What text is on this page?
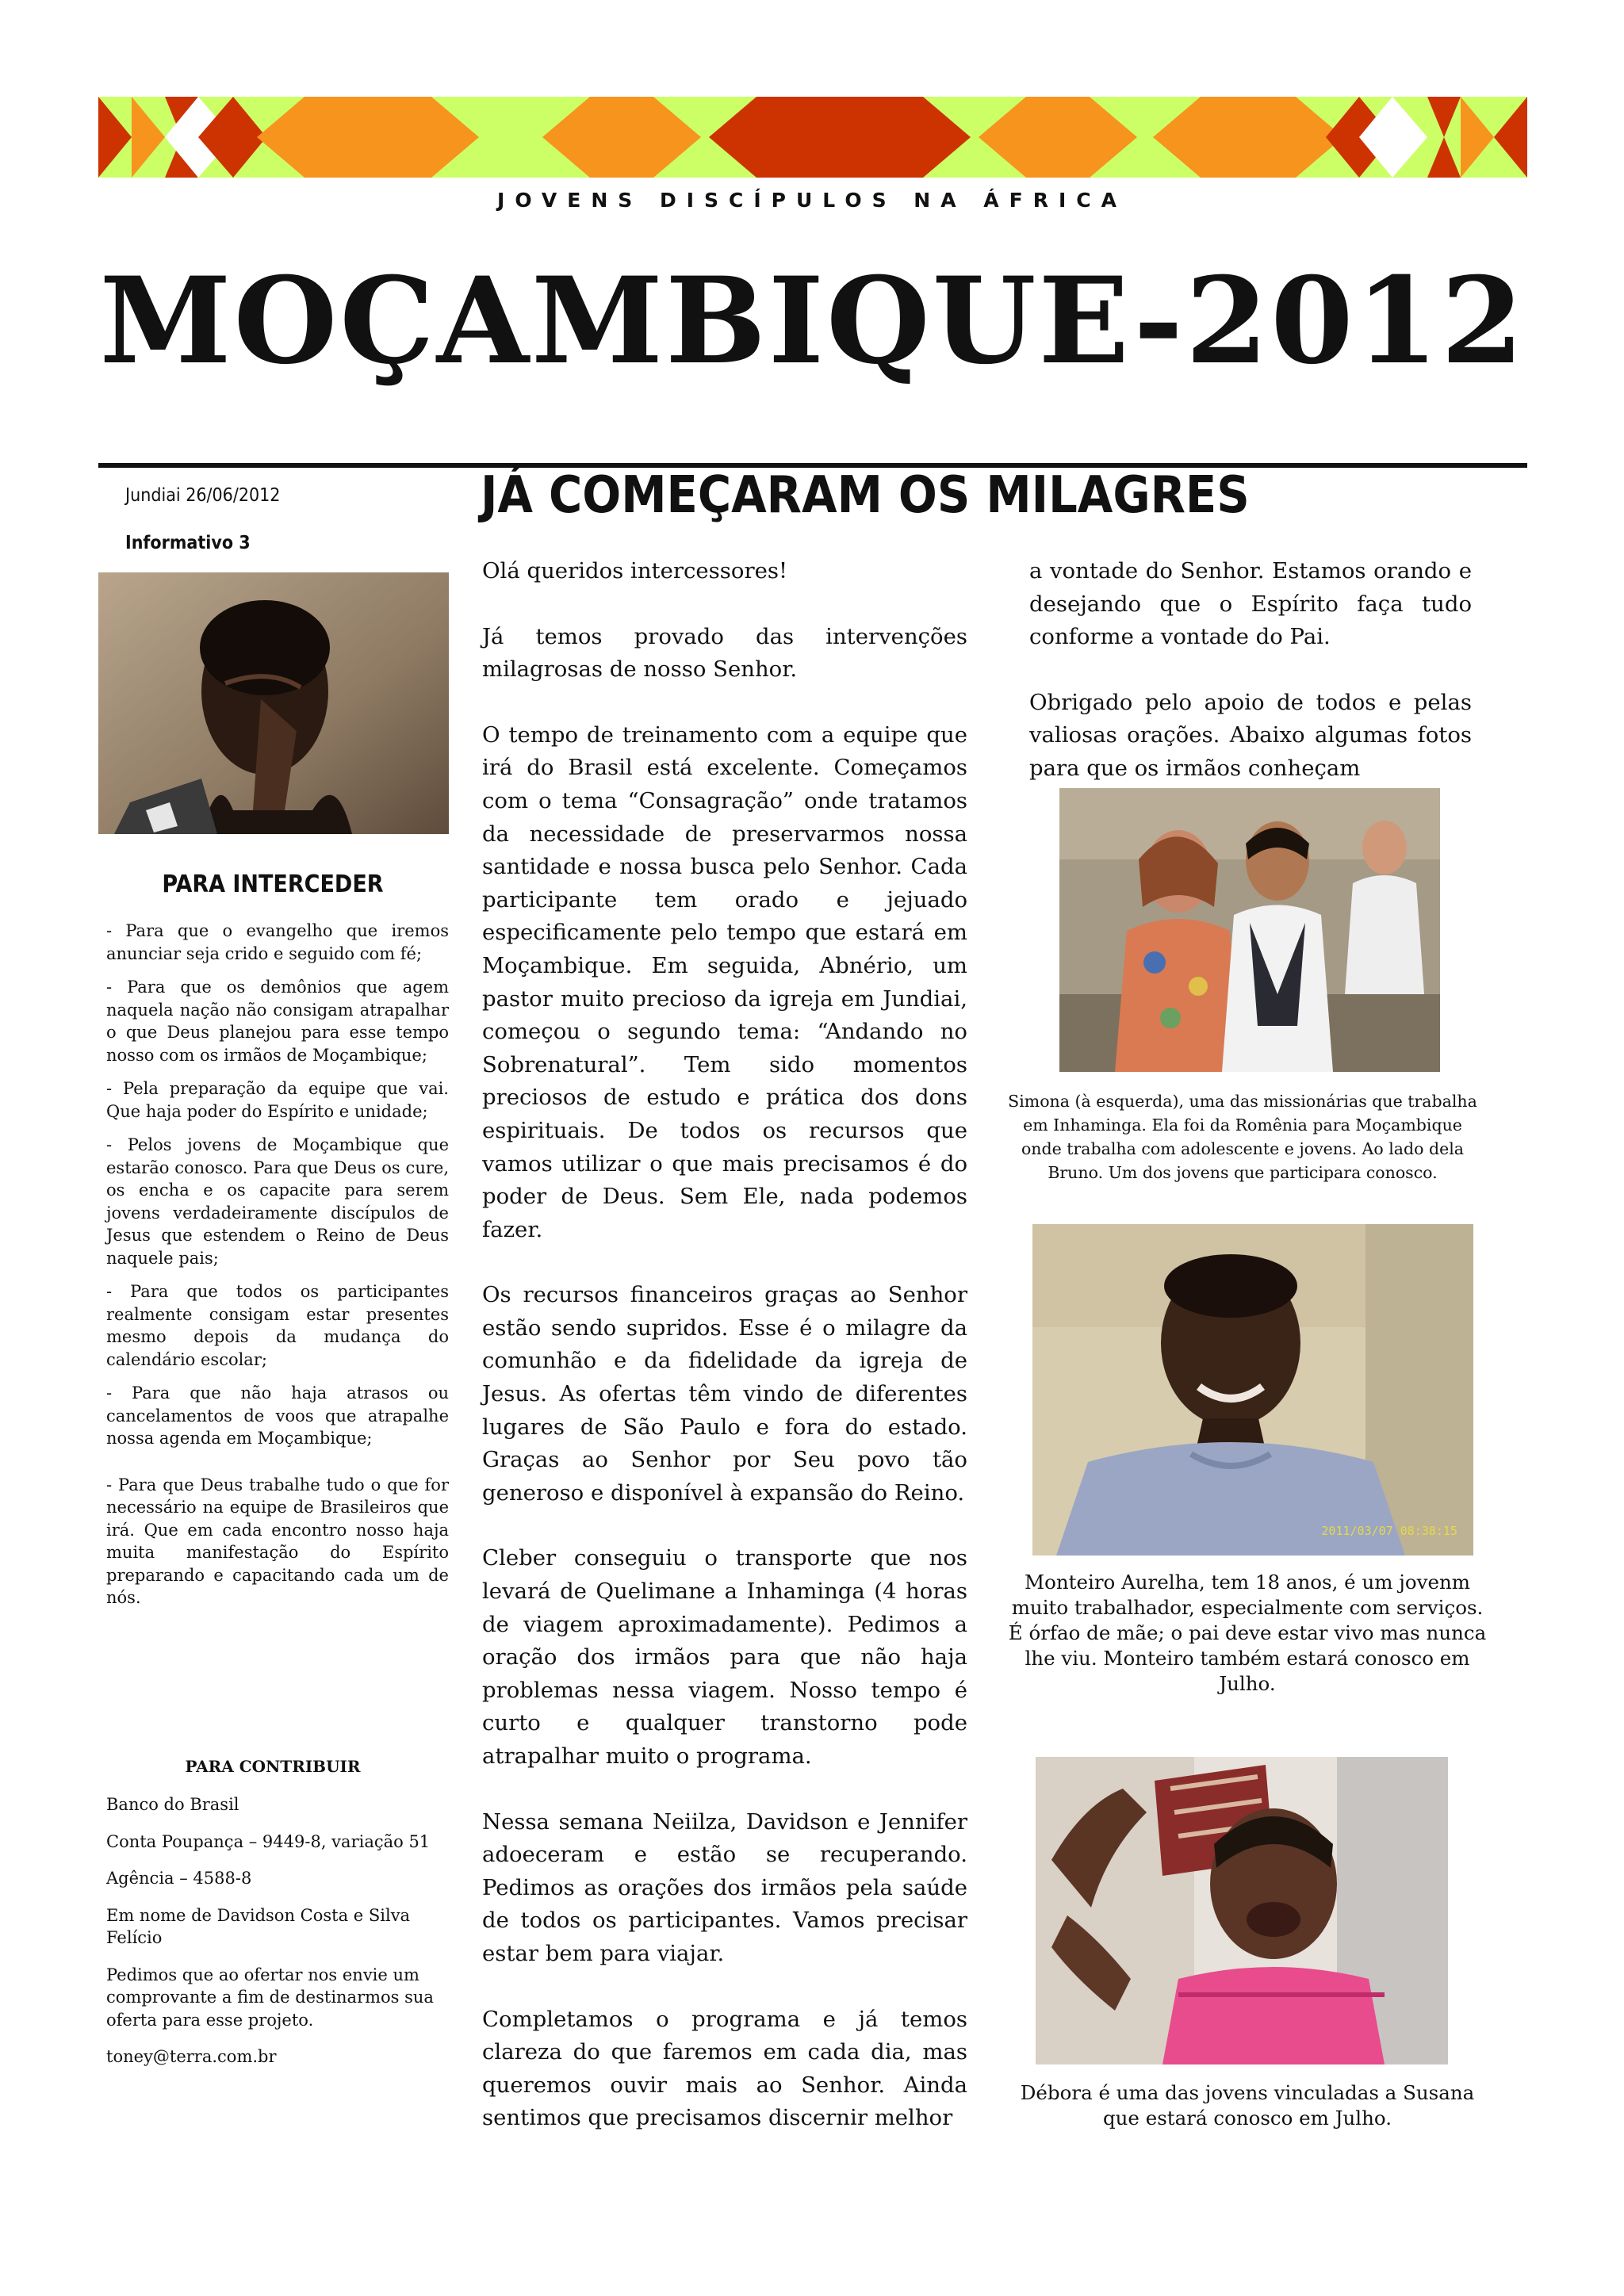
JOVENS DISCÍPULOS NA ÁFRICA
MOÇAMBIQUE-2012
Jundiai 26/06/2012
Informativo 3
PARA INTERCEDER

- Para que o evangelho que iremos anunciar seja crido e seguido com fé;

- Para que os demônios que agem naquela nação não consigam atrapalhar o que Deus planejou para esse tempo nosso com os irmãos de Moçambique;

- Pela preparação da equipe que vai. Que haja poder do Espírito e unidade;

- Pelos jovens de Moçambique que estarão conosco. Para que Deus os cure, os encha e os capacite para serem jovens verdadeiramente discípulos de Jesus que estendem o Reino de Deus naquele pais;

- Para que todos os participantes realmente consigam estar presentes mesmo depois da mudança do calendário escolar;

- Para que não haja atrasos ou cancelamentos de voos que atrapalhe nossa agenda em Moçambique;

- Para que Deus trabalhe tudo o que for necessário na equipe de Brasileiros que irá. Que em cada encontro nosso haja muita manifestação do Espírito preparando e capacitando cada um de nós.

PARA CONTRIBUIR

Banco do Brasil

Conta Poupança – 9449-8, variação 51

Agência – 4588-8

Em nome de Davidson Costa e Silva Felício

Pedimos que ao ofertar nos envie um comprovante a fim de destinarmos sua oferta para esse projeto.

toney@terra.com.br

JÁ COMEÇARAM OS MILAGRES

Olá queridos intercessores!

Já temos provado das intervenções milagrosas de nosso Senhor.

O tempo de treinamento com a equipe que irá do Brasil está excelente. Começamos com o tema “Consagração” onde tratamos da necessidade de preservarmos nossa santidade e nossa busca pelo Senhor. Cada participante tem orado e jejuado especificamente pelo tempo que estará em Moçambique. Em seguida, Abnério, um pastor muito precioso da igreja em Jundiai, começou o segundo tema: “Andando no Sobrenatural”. Tem sido momentos preciosos de estudo e prática dos dons espirituais. De todos os recursos que vamos utilizar o que mais precisamos é do poder de Deus. Sem Ele, nada podemos fazer.

Os recursos financeiros graças ao Senhor estão sendo supridos. Esse é o milagre da comunhão e da fidelidade da igreja de Jesus. As ofertas têm vindo de diferentes lugares de São Paulo e fora do estado. Graças ao Senhor por Seu povo tão generoso e disponível à expansão do Reino.

Cleber conseguiu o transporte que nos levará de Quelimane a Inhaminga (4 horas de viagem aproximadamente). Pedimos a oração dos irmãos para que não haja problemas nessa viagem. Nosso tempo é curto e qualquer transtorno pode atrapalhar muito o programa.

Nessa semana Neiilza, Davidson e Jennifer adoeceram e estão se recuperando. Pedimos as orações dos irmãos pela saúde de todos os participantes. Vamos precisar estar bem para viajar.

Completamos o programa e já temos clareza do que faremos em cada dia, mas queremos ouvir mais ao Senhor. Ainda sentimos que precisamos discernir melhor

a vontade do Senhor. Estamos orando e desejando que o Espírito faça tudo conforme a vontade do Pai.

Obrigado pelo apoio de todos e pelas valiosas orações. Abaixo algumas fotos para que os irmãos conheçam

Simona (à esquerda), uma das missionárias que trabalha em Inhaminga. Ela foi da Romênia para Moçambique onde trabalha com adolescente e jovens. Ao lado dela Bruno. Um dos jovens que participara conosco.
2011/03/07 08:38:15
Monteiro Aurelha, tem 18 anos, é um jovenm muito trabalhador, especialmente com serviços. É órfao de mãe; o pai deve estar vivo mas nunca lhe viu. Monteiro também estará conosco em Julho.
Débora é uma das jovens vinculadas a Susana que estará conosco em Julho.
